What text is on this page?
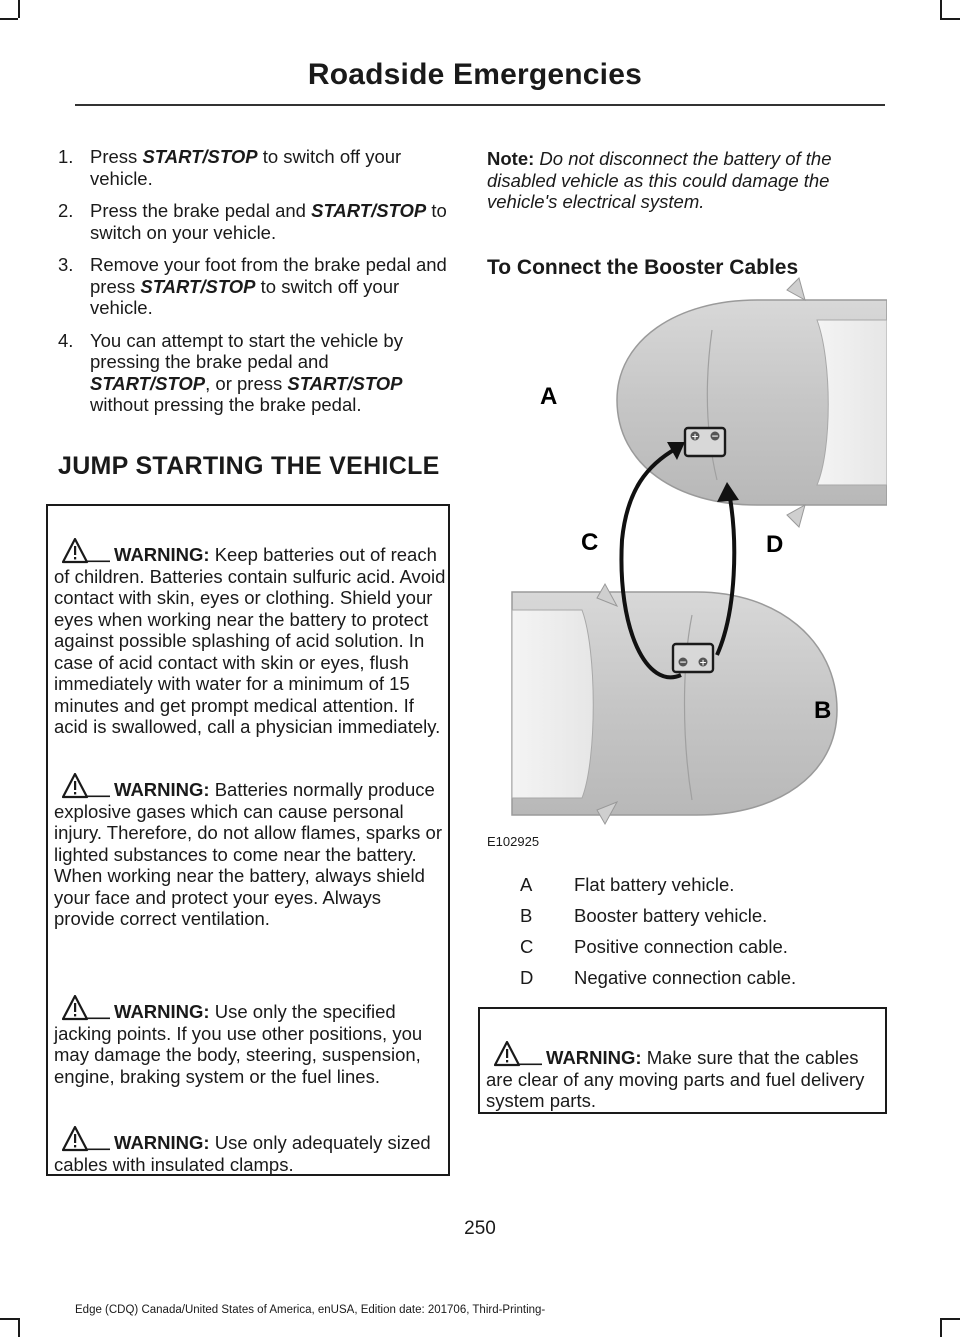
Roadside Emergencies
1. Press START/STOP to switch off your vehicle.
2. Press the brake pedal and START/STOP to switch on your vehicle.
3. Remove your foot from the brake pedal and press START/STOP to switch off your vehicle.
4. You can attempt to start the vehicle by pressing the brake pedal and START/STOP, or press START/STOP without pressing the brake pedal.
JUMP STARTING THE VEHICLE
WARNING: Keep batteries out of reach of children. Batteries contain sulfuric acid. Avoid contact with skin, eyes or clothing. Shield your eyes when working near the battery to protect against possible splashing of acid solution. In case of acid contact with skin or eyes, flush immediately with water for a minimum of 15 minutes and get prompt medical attention. If acid is swallowed, call a physician immediately.
WARNING: Batteries normally produce explosive gases which can cause personal injury. Therefore, do not allow flames, sparks or lighted substances to come near the battery. When working near the battery, always shield your face and protect your eyes. Always provide correct ventilation.
WARNING: Use only the specified jacking points. If you use other positions, you may damage the body, steering, suspension, engine, braking system or the fuel lines.
WARNING: Use only adequately sized cables with insulated clamps.

Note: Do not disconnect the battery of the disabled vehicle as this could damage the vehicle's electrical system.

To Connect the Booster Cables
+ −
− +
A
C	D
B
E102925
A Flat battery vehicle.
B Booster battery vehicle.
C Positive connection cable.
D Negative connection cable.
WARNING: Make sure that the cables are clear of any moving parts and fuel delivery system parts.
250
Edge (CDQ) Canada/United States of America, enUSA, Edition date: 201706, Third-Printing-
